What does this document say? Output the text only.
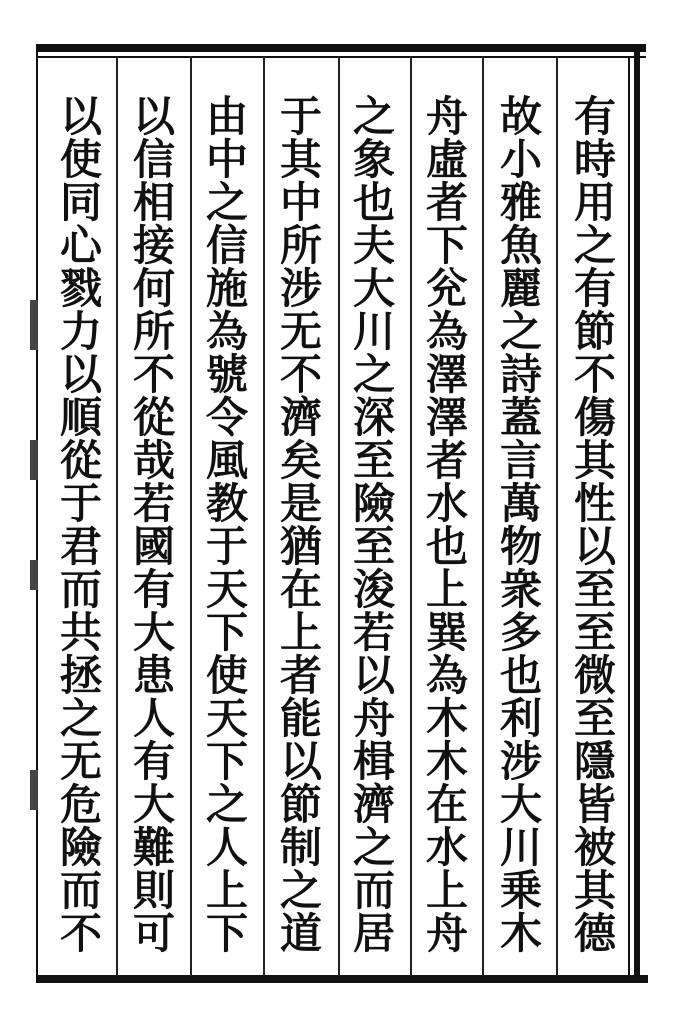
有
時
用
之
有
節
不
傷
其
性
以
至
至
微
至
隱
皆
被
其
德
故
小
雅
魚
麗
之
詩
蓋
言
萬
物
衆
多
也
利
涉
大
川
乗
木
舟
虛
者
下
兊
為
澤
澤
者
水
也
上
巽
為
木
木
在
水
上
舟
之
象
也
夫
大
川
之
深
至
險
至
浚
若
以
舟
楫
濟
之
而
居
于
其
中
所
涉
无
不
濟
矣
是
猶
在
上
者
能
以
節
制
之
道
由
中
之
信
施
為
號
令
風
教
于
天
下
使
天
下
之
人
上
下
以
信
相
接
何
所
不
從
哉
若
國
有
大
患
人
有
大
難
則
可
以
使
同
心
戮
力
以
順
從
于
君
而
共
拯
之
无
危
險
而
不
